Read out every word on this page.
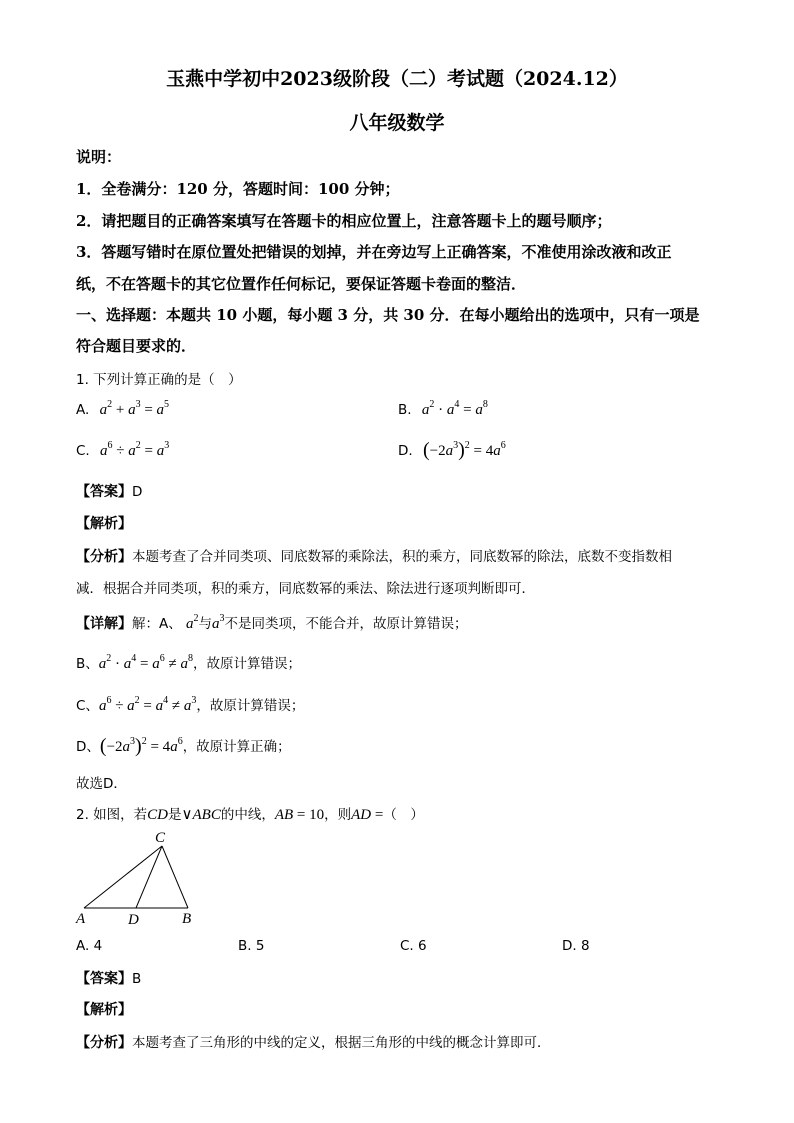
玉燕中学初中2023级阶段（二）考试题（2024.12）
八年级数学
说明：
1．全卷满分：120 分，答题时间：100 分钟；
2．请把题目的正确答案填写在答题卡的相应位置上，注意答题卡上的题号顺序；
3．答题写错时在原位置处把错误的划掉，并在旁边写上正确答案，不准使用涂改液和改正
纸，不在答题卡的其它位置作任何标记，要保证答题卡卷面的整洁．
一、选择题：本题共 10 小题，每小题 3 分，共 30 分．在每小题给出的选项中，只有一项是
符合题目要求的．
1. 下列计算正确的是（　）
A. $a^2 + a^3 = a^5$	B. $a^2 \cdot a^4 = a^8$
C. $a^6 \div a^2 = a^3$	D. $(-2a^3)^2 = 4a^6$
【答案】D
【解析】
【分析】本题考查了合并同类项、同底数幂的乘除法，积的乘方，同底数幂的除法，底数不变指数相
减．根据合并同类项，积的乘方，同底数幂的乘法、除法进行逐项判断即可．
【详解】解：A、 $a^2$与$a^3$不是同类项，不能合并，故原计算错误；
B、$a^2 \cdot a^4 = a^6 \ne a^8$，故原计算错误；
C、$a^6 \div a^2 = a^4 \ne a^3$，故原计算错误；
D、$(-2a^3)^2 = 4a^6$，故原计算正确；
故选D．
2. 如图，若CD是∨ABC的中线，AB = 10，则AD =（　）
A	B
C
D
A. 4	B. 5	C. 6	D. 8
【答案】B
【解析】
【分析】本题考查了三角形的中线的定义，根据三角形的中线的概念计算即可．
